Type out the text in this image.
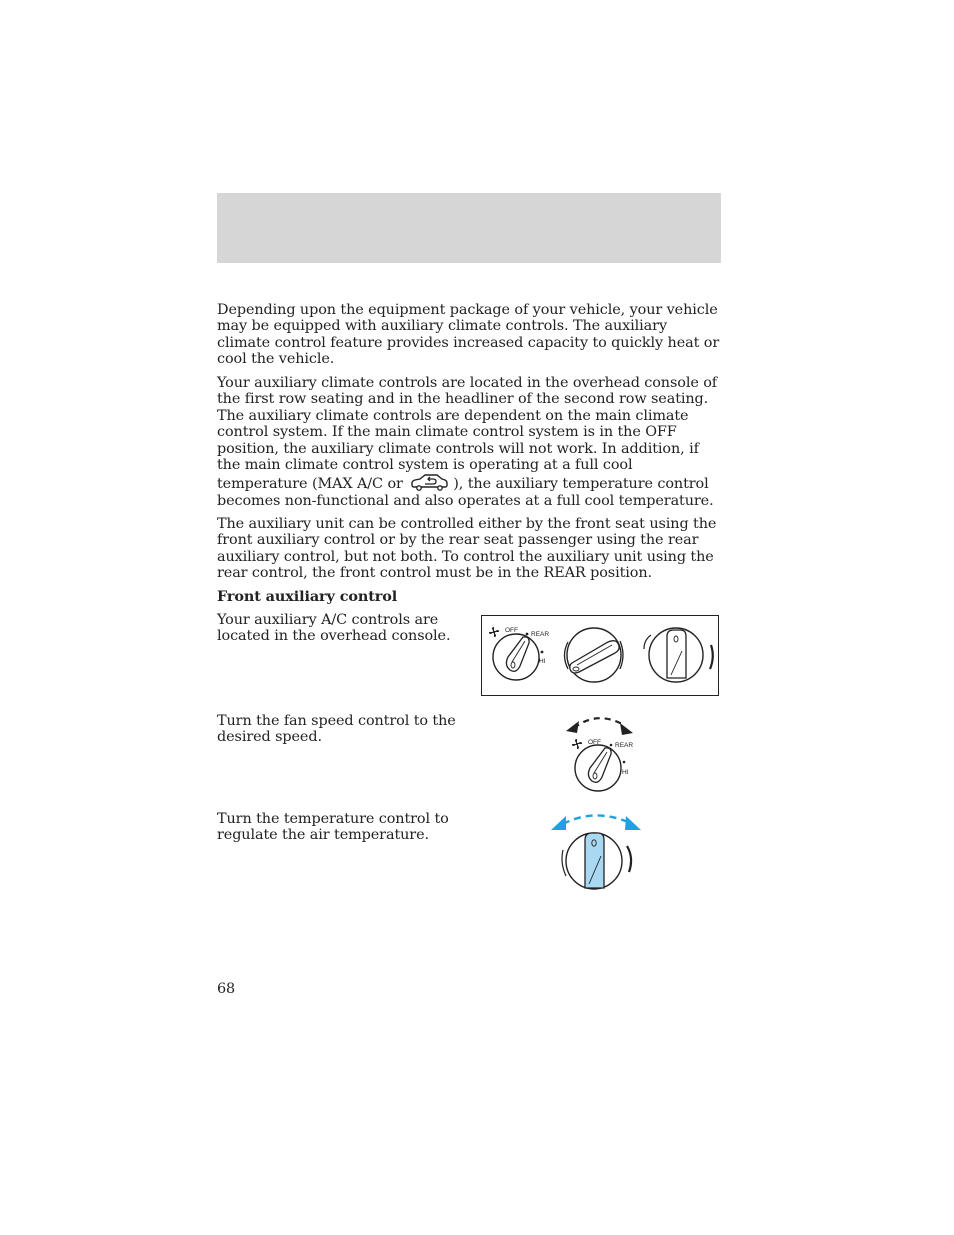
Depending upon the equipment package of your vehicle, your vehicle may be equipped with auxiliary climate controls. The auxiliary climate control feature provides increased capacity to quickly heat or cool the vehicle.

Your auxiliary climate controls are located in the overhead console of the first row seating and in the headliner of the second row seating. The auxiliary climate controls are dependent on the main climate control system. If the main climate control system is in the OFF position, the auxiliary climate controls will not work. In addition, if the main climate control system is operating at a full cool temperature (MAX A/C or	), the auxiliary temperature control becomes non-functional and also operates at a full cool temperature.

The auxiliary unit can be controlled either by the front seat using the front auxiliary control or by the rear seat passenger using the rear auxiliary control, but not both. To control the auxiliary unit using the rear control, the front control must be in the REAR position.

Front auxiliary control

Your auxiliary A/C controls are located in the overhead console.	OFF
REAR
HI

Turn the fan speed control to the desired speed.	OFF REAR
HI

Turn the temperature control to regulate the air temperature.

68
